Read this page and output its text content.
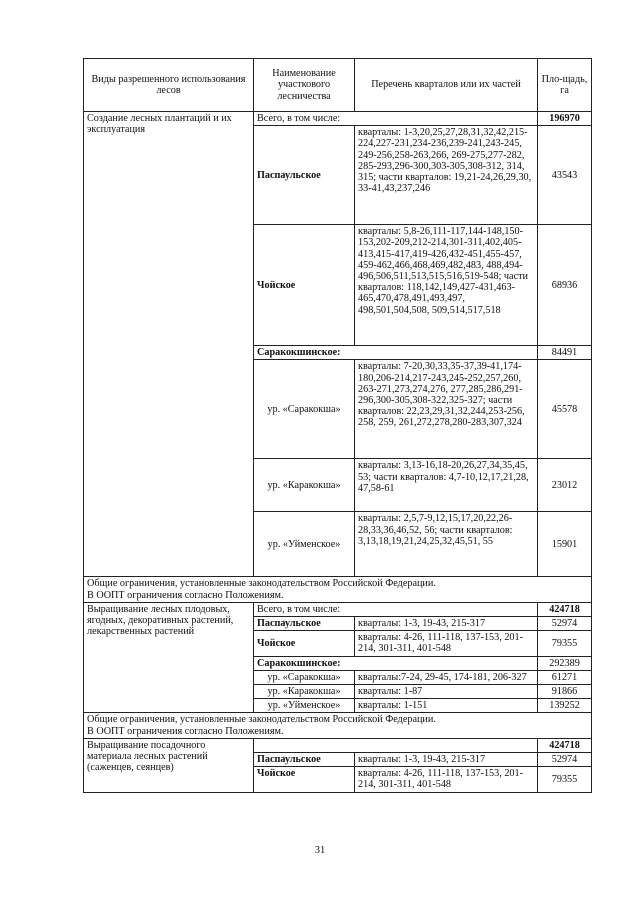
Виды разрешенного использования лесов	Наименование участкового лесничества	Перечень кварталов или их частей	Пло-щадь, га
Создание лесных плантаций и их эксплуатация	Всего, в том числе:		196970
	Паспаульское	кварталы: 1-3,20,25,27,28,31,32,42,215-224,227-231,234-236,239-241,243-245, 249-256,258-263,266, 269-275,277-282, 285-293,296-300,303-305,308-312, 314, 315; части кварталов: 19,21-24,26,29,30, 33-41,43,237,246	43543
	Чойское	кварталы: 5,8-26,111-117,144-148,150-153,202-209,212-214,301-311,402,405-413,415-417,419-426,432-451,455-457, 459-462,466,468,469,482,483, 488,494-496,506,511,513,515,516,519-548; части кварталов: 118,142,149,427-431,463-465,470,478,491,493,497, 498,501,504,508, 509,514,517,518	68936
	Саракокшинское:		84491
	ур. «Саракокша»	кварталы: 7-20,30,33,35-37,39-41,174-180,206-214,217-243,245-252,257,260, 263-271,273,274,276, 277,285,286,291-296,300-305,308-322,325-327; части кварталов: 22,23,29,31,32,244,253-256, 258, 259, 261,272,278,280-283,307,324	45578
	ур. «Каракокша»	кварталы: 3,13-16,18-20,26,27,34,35,45, 53; части кварталов: 4,7-10,12,17,21,28, 47,58-61	23012
	ур. «Уйменское»	кварталы: 2,5,7-9,12,15,17,20,22,26-28,33,36,46,52, 56; части кварталов: 3,13,18,19,21,24,25,32,45,51, 55	15901

Общие ограничения, установленные законодательством Российской Федерации.
В ООПТ ограничения согласно Положениям.			

Выращивание лесных плодовых, ягодных, декоративных растений, лекарственных растений	Всего, в том числе:		424718
	Паспаульское	кварталы: 1-3, 19-43, 215-317	52974
	Чойское	кварталы: 4-26, 111-118, 137-153, 201-214, 301-311, 401-548	79355
	Саракокшинское:		292389
	ур. «Саракокша»	кварталы:7-24, 29-45, 174-181, 206-327	61271
	ур. «Каракокша»	кварталы: 1-87	91866
	ур. «Уйменское»	кварталы: 1-151	139252

Общие ограничения, установленные законодательством Российской Федерации.
В ООПТ ограничения согласно Положениям.			

Выращивание посадочного материала лесных растений (саженцев, сеянцев)			424718
	Паспаульское	кварталы: 1-3, 19-43, 215-317	52974
	Чойское	кварталы: 4-26, 111-118, 137-153, 201-214, 301-311, 401-548	79355
31
